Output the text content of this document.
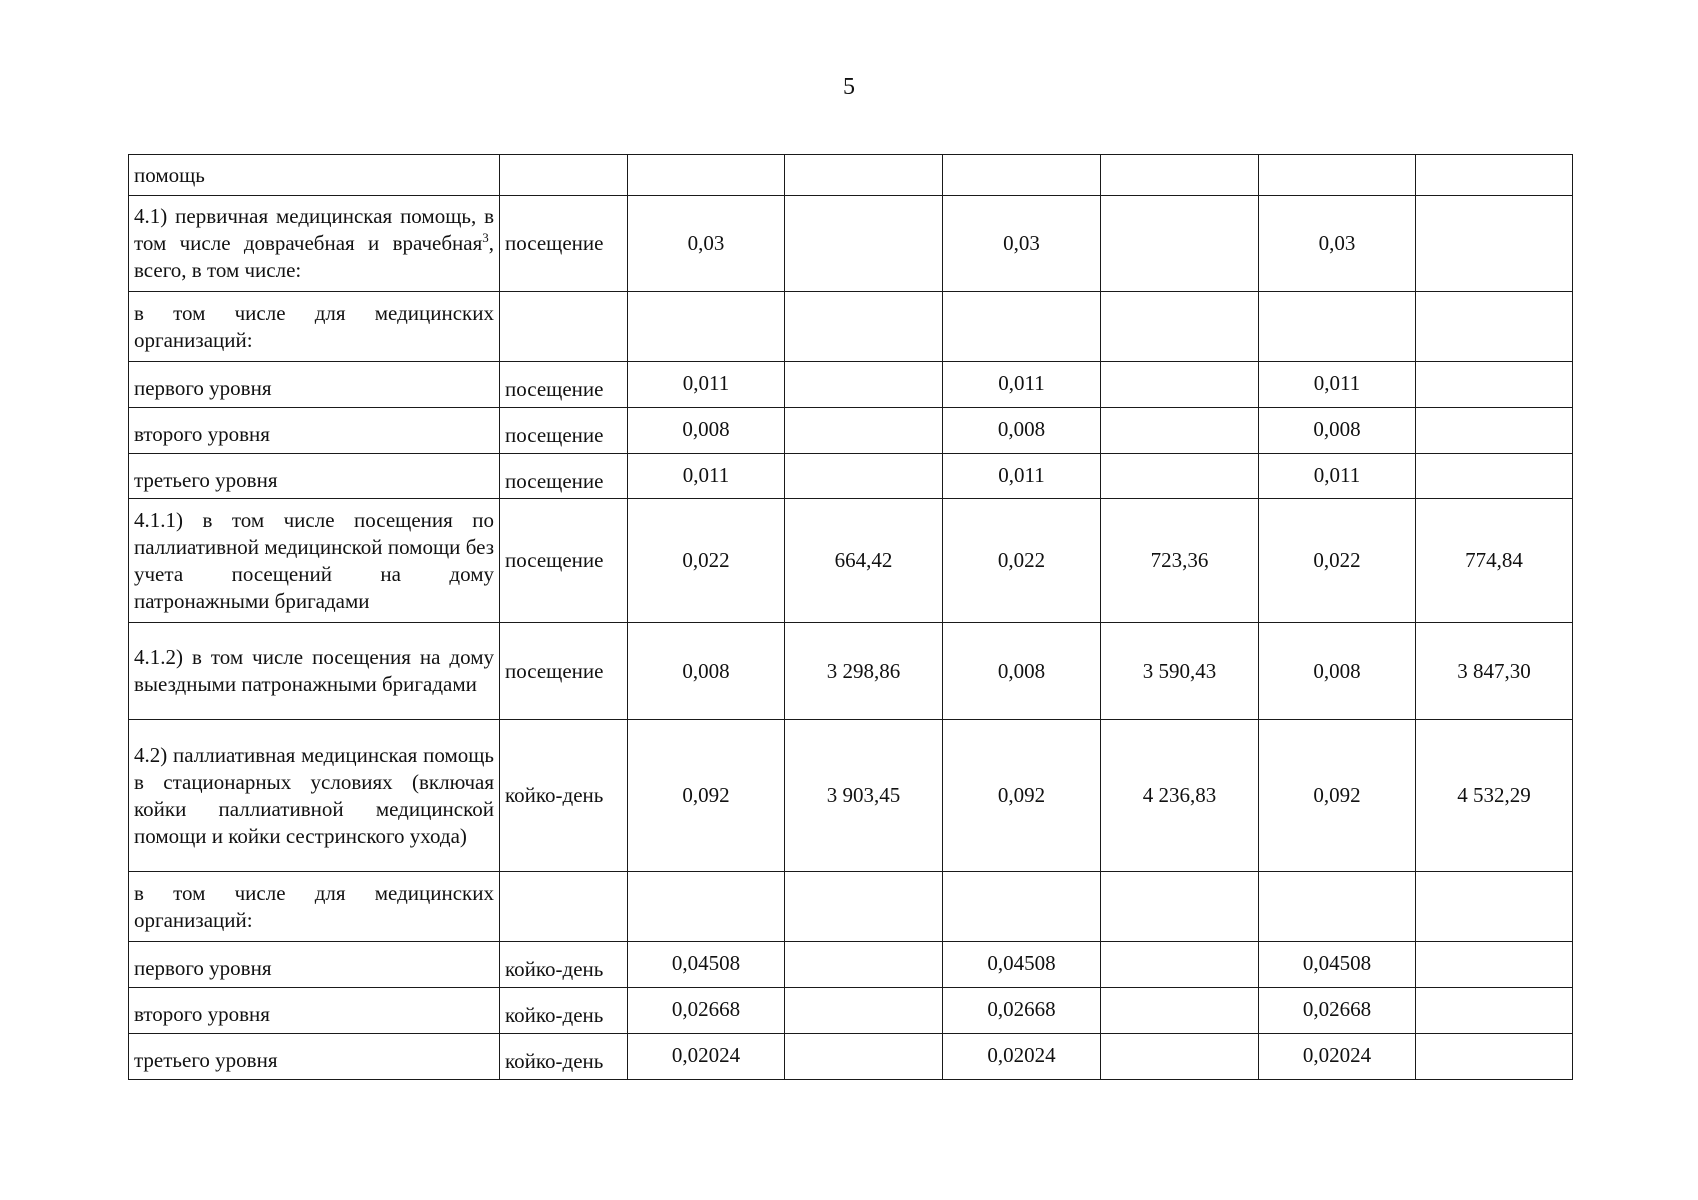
5
помощь							
4.1) первичная медицинская помощь, в том числе доврачебная и врачебная$^3$, всего, в том числе:	посещение	0,03		0,03		0,03	
в том числе для медицинских организаций:							
первого уровня	посещение	0,011		0,011		0,011	
второго уровня	посещение	0,008		0,008		0,008	
третьего уровня	посещение	0,011		0,011		0,011	
4.1.1) в том числе посещения по паллиативной медицинской помощи без учета посещений на дому патронажными бригадами	посещение	0,022	664,42	0,022	723,36	0,022	774,84
4.1.2) в том числе посещения на дому выездными патронажными бригадами	посещение	0,008	3 298,86	0,008	3 590,43	0,008	3 847,30
4.2) паллиативная медицинская помощь в стационарных условиях (включая койки паллиативной медицинской помощи и койки сестринского ухода)	койко-день	0,092	3 903,45	0,092	4 236,83	0,092	4 532,29
в том числе для медицинских организаций:							
первого уровня	койко-день	0,04508		0,04508		0,04508	
второго уровня	койко-день	0,02668		0,02668		0,02668	
третьего уровня	койко-день	0,02024		0,02024		0,02024	
